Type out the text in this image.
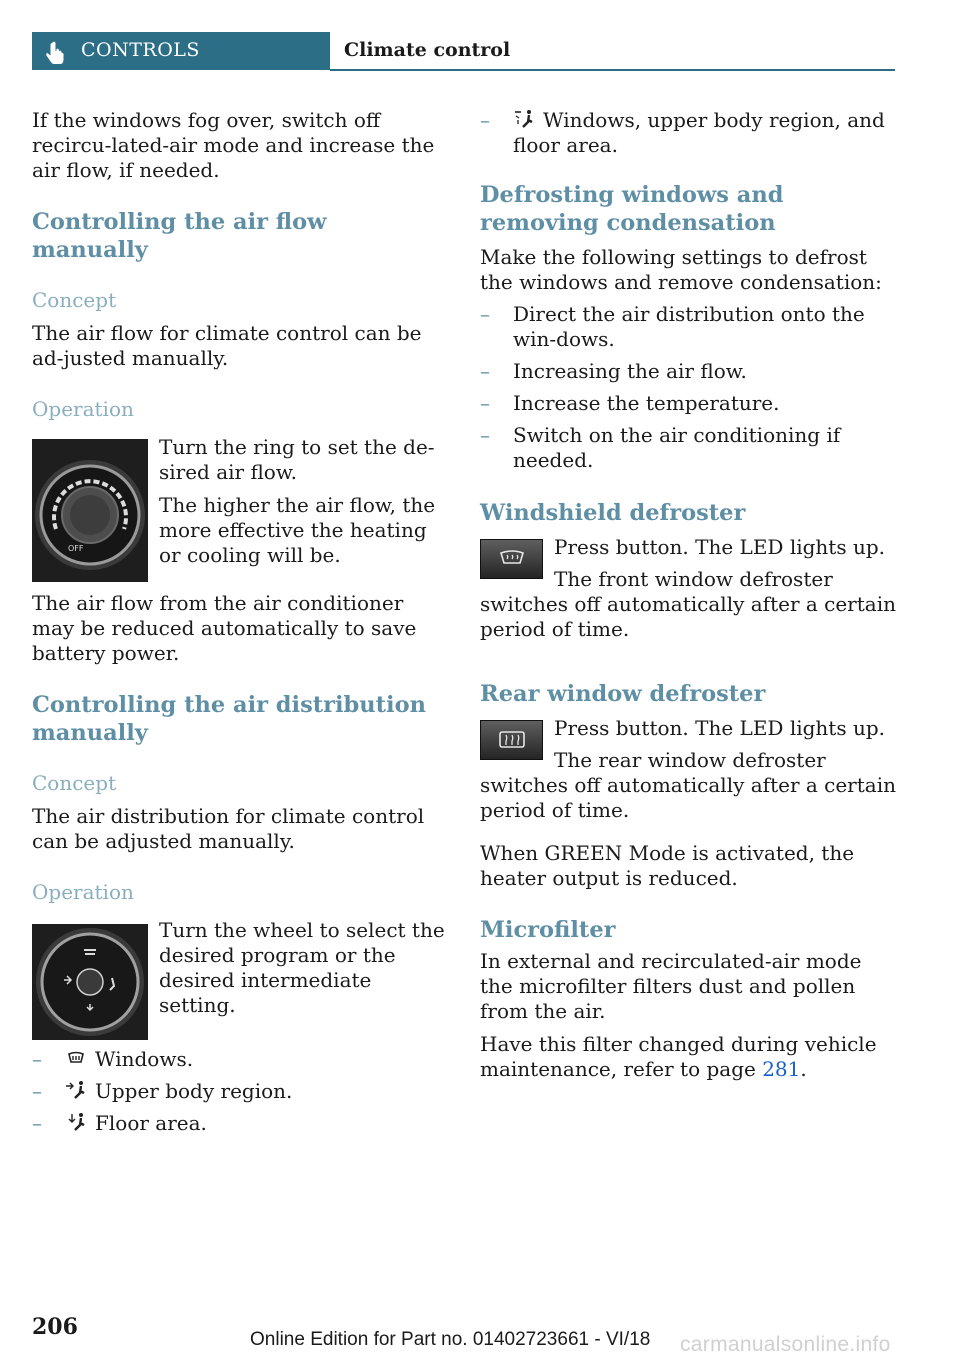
CONTROLS	Climate control

If the windows fog over, switch off recircu-lated-air mode and increase the air flow, if needed.

Controlling the air flow manually
Concept

The air flow for climate control can be ad-justed manually.

Operation
OFF

Turn the ring to set the de-sired air flow.

The higher the air flow, the more effective the heating or cooling will be.

The air flow from the air conditioner may be reduced automatically to save battery power.

Controlling the air distribution manually
Concept

The air distribution for climate control can be adjusted manually.

Operation

Turn the wheel to select the desired program or the desired intermediate setting.

–	Windows.
–	Upper body region.
–	Floor area.
–	Windows, upper body region, and floor area.
Defrosting windows and removing condensation

Make the following settings to defrost the windows and remove condensation:

– Direct the air distribution onto the win-dows.
– Increasing the air flow.
– Increase the temperature.
– Switch on the air conditioning if needed.
Windshield defroster

Press button. The LED lights up.

The front window defroster switches off automatically after a certain period of time.

Rear window defroster

Press button. The LED lights up.

The rear window defroster switches off automatically after a certain period of time.

When GREEN Mode is activated, the heater output is reduced.

Microfilter

In external and recirculated-air mode the microfilter filters dust and pollen from the air.

Have this filter changed during vehicle maintenance, refer to page 281.

206	Online Edition for Part no. 01402723661 - VI/18 carmanualsonline.info
